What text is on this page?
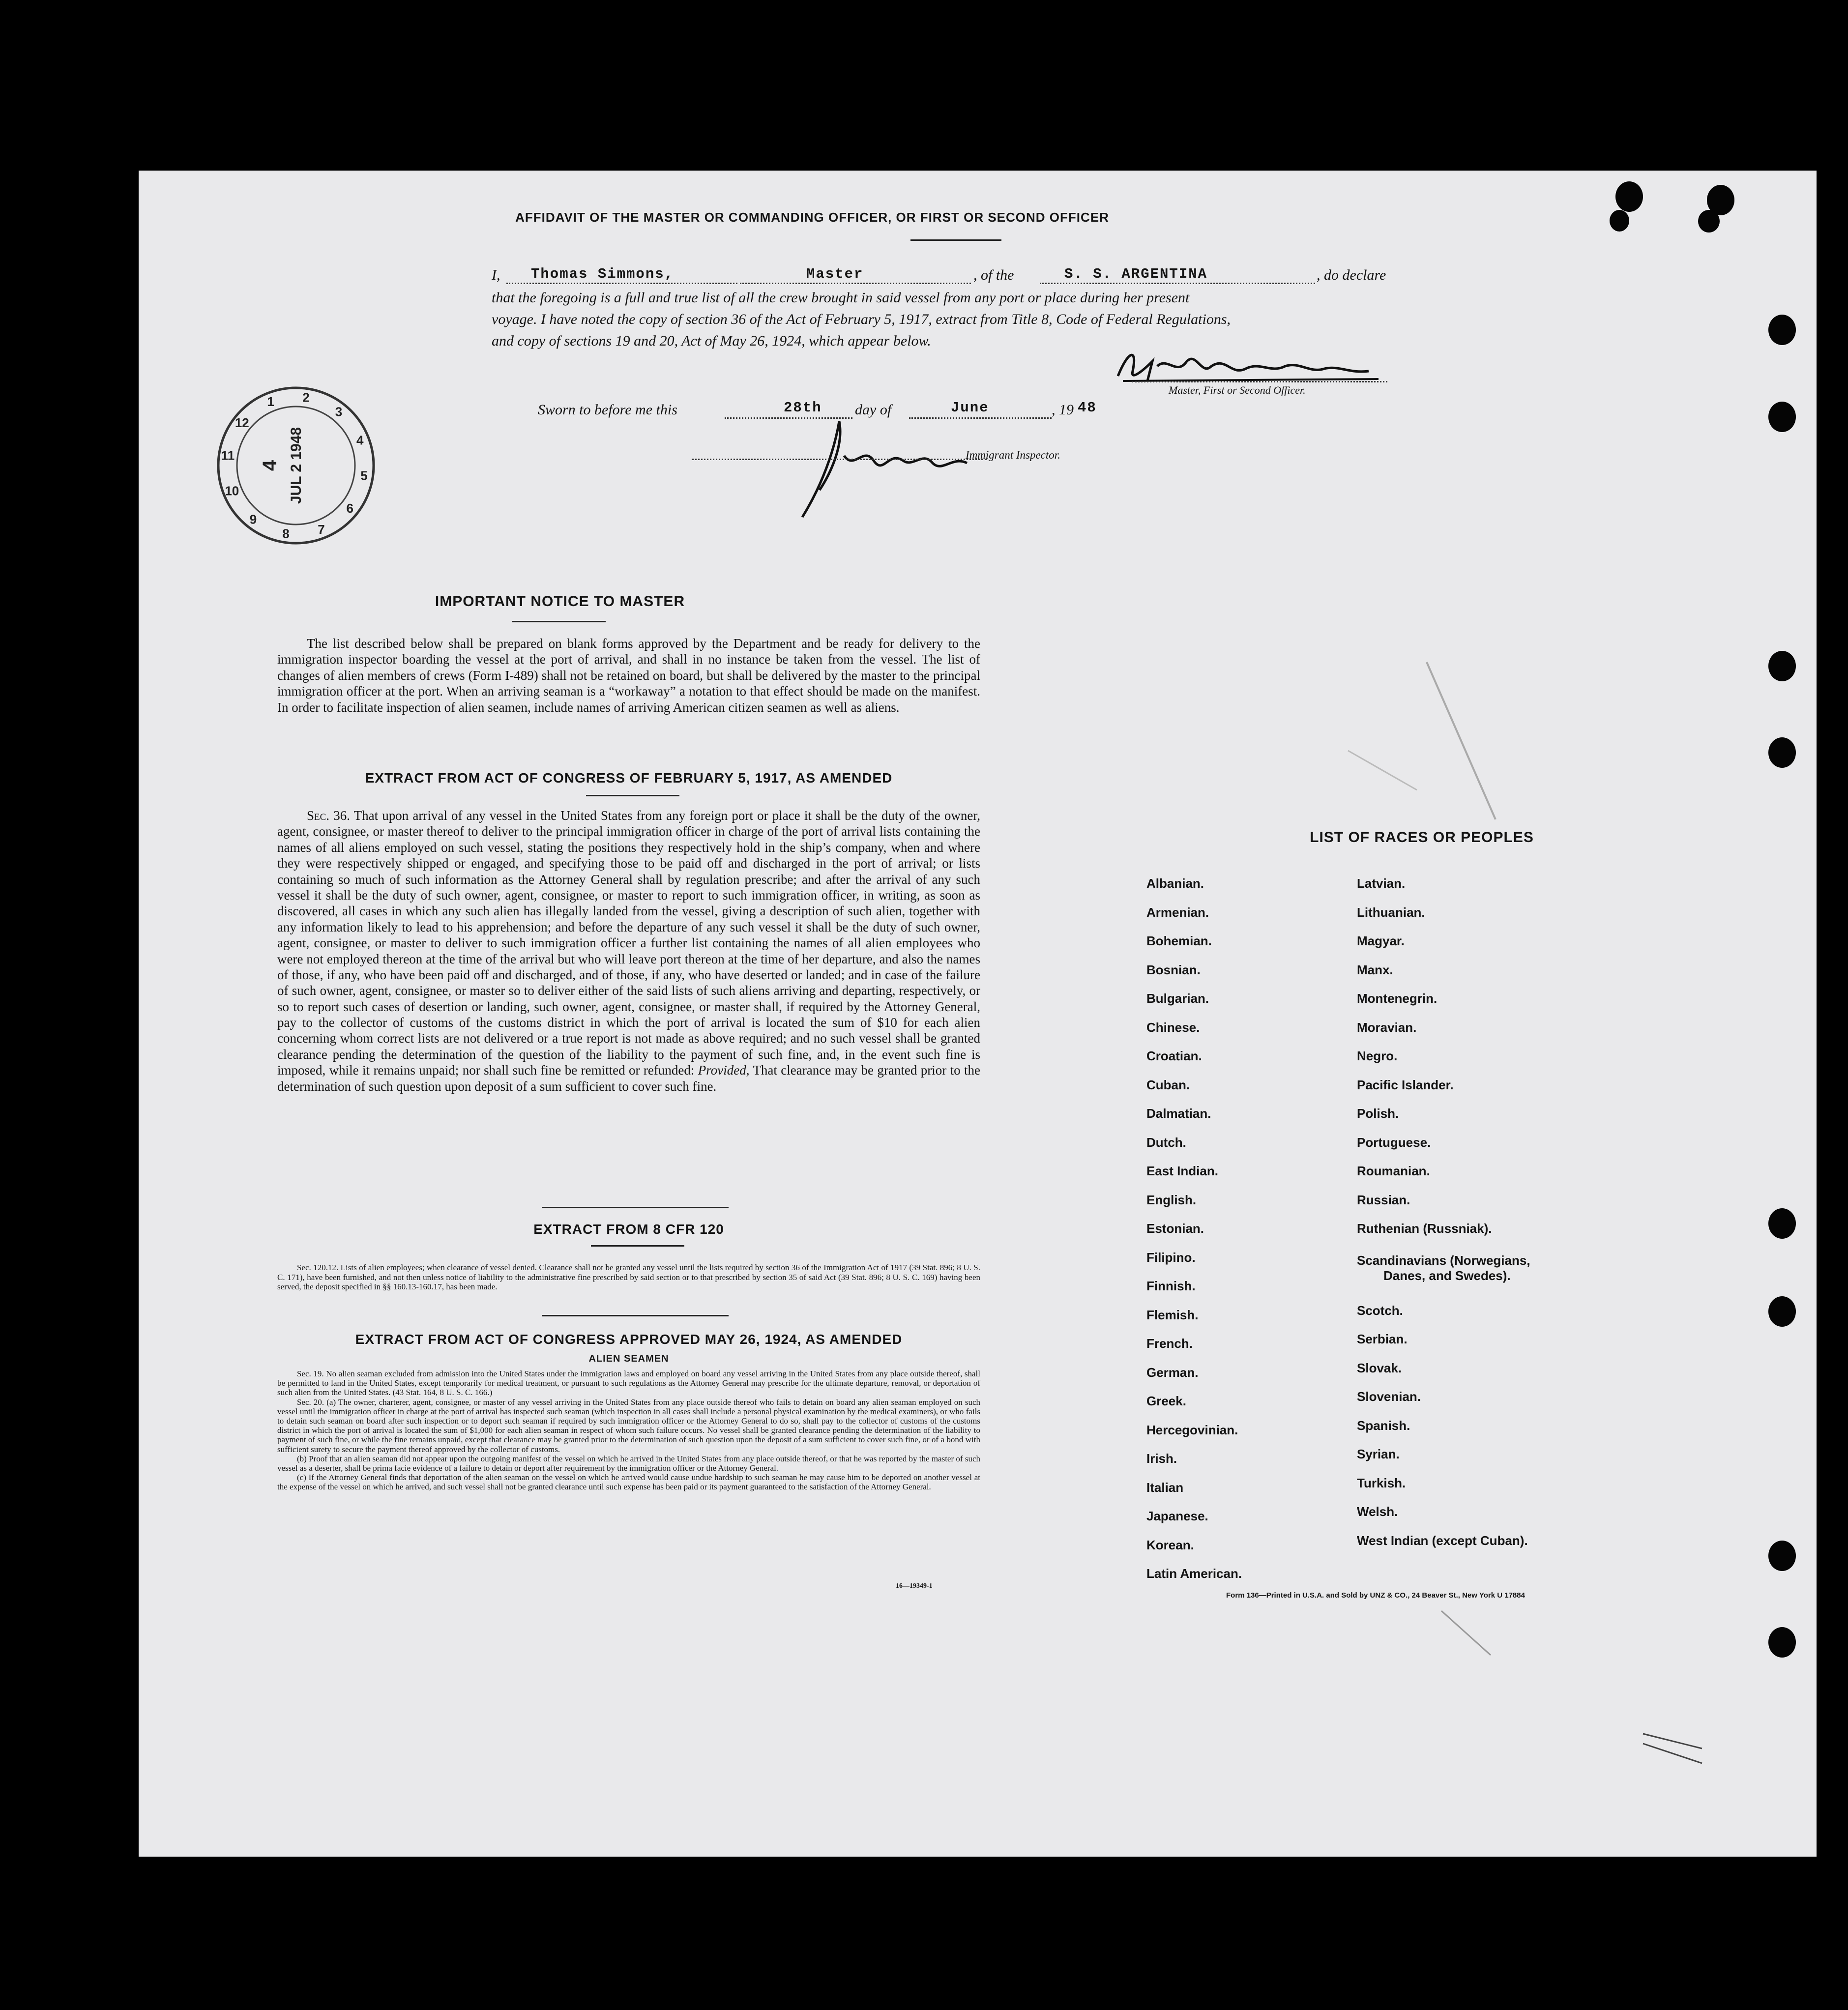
AFFIDAVIT OF THE MASTER OR COMMANDING OFFICER, OR FIRST OR SECOND OFFICER
I, Thomas Simmons,	Master	, of the	S. S. ARGENTINA	, do declare
that the foregoing is a full and true list of all the crew brought in said vessel from any port or place during her present
voyage. I have noted the copy of section 36 of the Act of February 5, 1917, extract from Title 8, Code of Federal Regulations,
and copy of sections 19 and 20, Act of May 26, 1924, which appear below.
Master, First or Second Officer.
Sworn to before me this	28th day of	June	, 19 48
Immigrant Inspector.
12
1 2
3
4
5
6
7
8
9
10
11	JUL 2 1948
4
IMPORTANT NOTICE TO MASTER

The list described below shall be prepared on blank forms approved by the Department and be ready for delivery to the immigration inspector boarding the vessel at the port of arrival, and shall in no instance be taken from the vessel. The list of changes of alien members of crews (Form I-489) shall not be retained on board, but shall be delivered by the master to the principal immigration officer at the port. When an arriving seaman is a “workaway” a notation to that effect should be made on the manifest. In order to facilitate inspection of alien seamen, include names of arriving American citizen seamen as well as aliens.

EXTRACT FROM ACT OF CONGRESS OF FEBRUARY 5, 1917, AS AMENDED

Sec. 36. That upon arrival of any vessel in the United States from any foreign port or place it shall be the duty of the owner, agent, consignee, or master thereof to deliver to the principal immigration officer in charge of the port of arrival lists containing the names of all aliens employed on such vessel, stating the positions they respectively hold in the ship’s company, when and where they were respectively shipped or engaged, and specifying those to be paid off and discharged in the port of arrival; or lists containing so much of such information as the Attorney General shall by regulation prescribe; and after the arrival of any such vessel it shall be the duty of such owner, agent, consignee, or master to report to such immigration officer, in writing, as soon as discovered, all cases in which any such alien has illegally landed from the vessel, giving a description of such alien, together with any information likely to lead to his apprehension; and before the departure of any such vessel it shall be the duty of such owner, agent, consignee, or master to deliver to such immigration officer a further list containing the names of all alien employees who were not employed thereon at the time of the arrival but who will leave port thereon at the time of her departure, and also the names of those, if any, who have been paid off and discharged, and of those, if any, who have deserted or landed; and in case of the failure of such owner, agent, consignee, or master so to deliver either of the said lists of such aliens arriving and departing, respectively, or so to report such cases of desertion or landing, such owner, agent, consignee, or master shall, if required by the Attorney General, pay to the collector of customs of the customs district in which the port of arrival is located the sum of $10 for each alien concerning whom correct lists are not delivered or a true report is not made as above required; and no such vessel shall be granted clearance pending the determination of the question of the liability to the payment of such fine, and, in the event such fine is imposed, while it remains unpaid; nor shall such fine be remitted or refunded: Provided, That clearance may be granted prior to the determination of such question upon deposit of a sum sufficient to cover such fine.

EXTRACT FROM 8 CFR 120

Sec. 120.12. Lists of alien employees; when clearance of vessel denied. Clearance shall not be granted any vessel until the lists required by section 36 of the Immigration Act of 1917 (39 Stat. 896; 8 U. S. C. 171), have been furnished, and not then unless notice of liability to the administrative fine prescribed by said section or to that prescribed by section 35 of said Act (39 Stat. 896; 8 U. S. C. 169) having been served, the deposit specified in §§ 160.13-160.17, has been made.

EXTRACT FROM ACT OF CONGRESS APPROVED MAY 26, 1924, AS AMENDED
ALIEN SEAMEN

Sec. 19. No alien seaman excluded from admission into the United States under the immigration laws and employed on board any vessel arriving in the United States from any place outside thereof, shall be permitted to land in the United States, except temporarily for medical treatment, or pursuant to such regulations as the Attorney General may prescribe for the ultimate departure, removal, or deportation of such alien from the United States. (43 Stat. 164, 8 U. S. C. 166.)

Sec. 20. (a) The owner, charterer, agent, consignee, or master of any vessel arriving in the United States from any place outside thereof who fails to detain on board any alien seaman employed on such vessel until the immigration officer in charge at the port of arrival has inspected such seaman (which inspection in all cases shall include a personal physical examination by the medical examiners), or who fails to detain such seaman on board after such inspection or to deport such seaman if required by such immigration officer or the Attorney General to do so, shall pay to the collector of customs of the customs district in which the port of arrival is located the sum of $1,000 for each alien seaman in respect of whom such failure occurs. No vessel shall be granted clearance pending the determination of the liability to payment of such fine, or while the fine remains unpaid, except that clearance may be granted prior to the determination of such question upon the deposit of a sum sufficient to cover such fine, or of a bond with sufficient surety to secure the payment thereof approved by the collector of customs.

(b) Proof that an alien seaman did not appear upon the outgoing manifest of the vessel on which he arrived in the United States from any place outside thereof, or that he was reported by the master of such vessel as a deserter, shall be prima facie evidence of a failure to detain or deport after requirement by the immigration officer or the Attorney General.

(c) If the Attorney General finds that deportation of the alien seaman on the vessel on which he arrived would cause undue hardship to such seaman he may cause him to be deported on another vessel at the expense of the vessel on which he arrived, and such vessel shall not be granted clearance until such expense has been paid or its payment guaranteed to the satisfaction of the Attorney General.

16—19349-1
LIST OF RACES OR PEOPLES
Albanian.
Armenian.
Bohemian.
Bosnian.
Bulgarian.
Chinese.
Croatian.
Cuban.
Dalmatian.
Dutch.
East Indian.
English.
Estonian.
Filipino.
Finnish.
Flemish.
French.
German.
Greek.
Hercegovinian.
Irish.
Italian
Japanese.
Korean.
Latin American.
Latvian.
Lithuanian.
Magyar.
Manx.
Montenegrin.
Moravian.
Negro.
Pacific Islander.
Polish.
Portuguese.
Roumanian.
Russian.
Ruthenian (Russniak).
Scandinavians (Norwegians,
Danes, and Swedes).
Scotch.
Serbian.
Slovak.
Slovenian.
Spanish.
Syrian.
Turkish.
Welsh.
West Indian (except Cuban).
Form 136—Printed in U.S.A. and Sold by UNZ & CO., 24 Beaver St., New York U 17884
